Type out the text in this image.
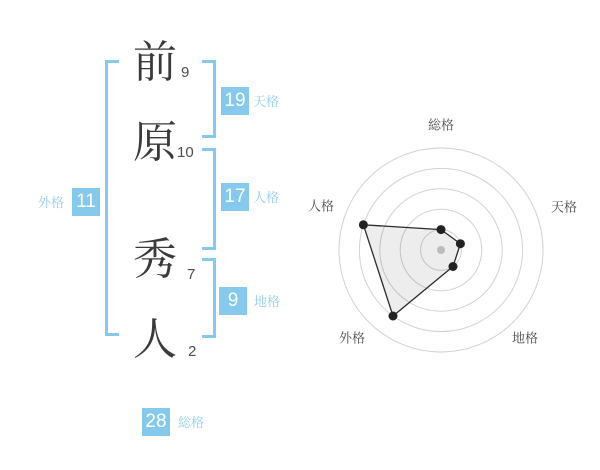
前
原
秀
人
9
10
7
2
19 天格
17 人格
9	地格
外格 11
28 総格
総格
天格
地格
外格
人格
